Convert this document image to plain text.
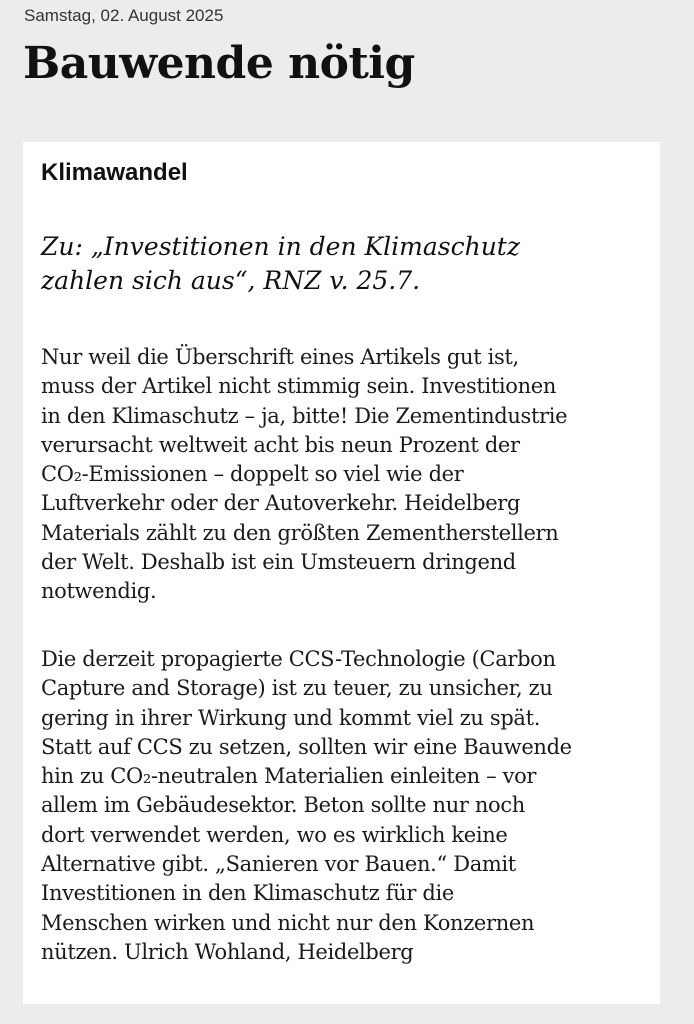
Samstag, 02. August 2025
Bauwende nötig
Klimawandel

Zu: „Investitionen in den Klimaschutz
zahlen sich aus“, RNZ v. 25.7.

Nur weil die Überschrift eines Artikels gut ist,
muss der Artikel nicht stimmig sein. Investitionen
in den Klimaschutz – ja, bitte! Die Zementindustrie
verursacht weltweit acht bis neun Prozent der
CO₂-Emissionen – doppelt so viel wie der
Luftverkehr oder der Autoverkehr. Heidelberg
Materials zählt zu den größten Zementherstellern
der Welt. Deshalb ist ein Umsteuern dringend
notwendig.

Die derzeit propagierte CCS-Technologie (Carbon
Capture and Storage) ist zu teuer, zu unsicher, zu
gering in ihrer Wirkung und kommt viel zu spät.
Statt auf CCS zu setzen, sollten wir eine Bauwende
hin zu CO₂-neutralen Materialien einleiten – vor
allem im Gebäudesektor. Beton sollte nur noch
dort verwendet werden, wo es wirklich keine
Alternative gibt. „Sanieren vor Bauen.“ Damit
Investitionen in den Klimaschutz für die
Menschen wirken und nicht nur den Konzernen
nützen. Ulrich Wohland, Heidelberg
